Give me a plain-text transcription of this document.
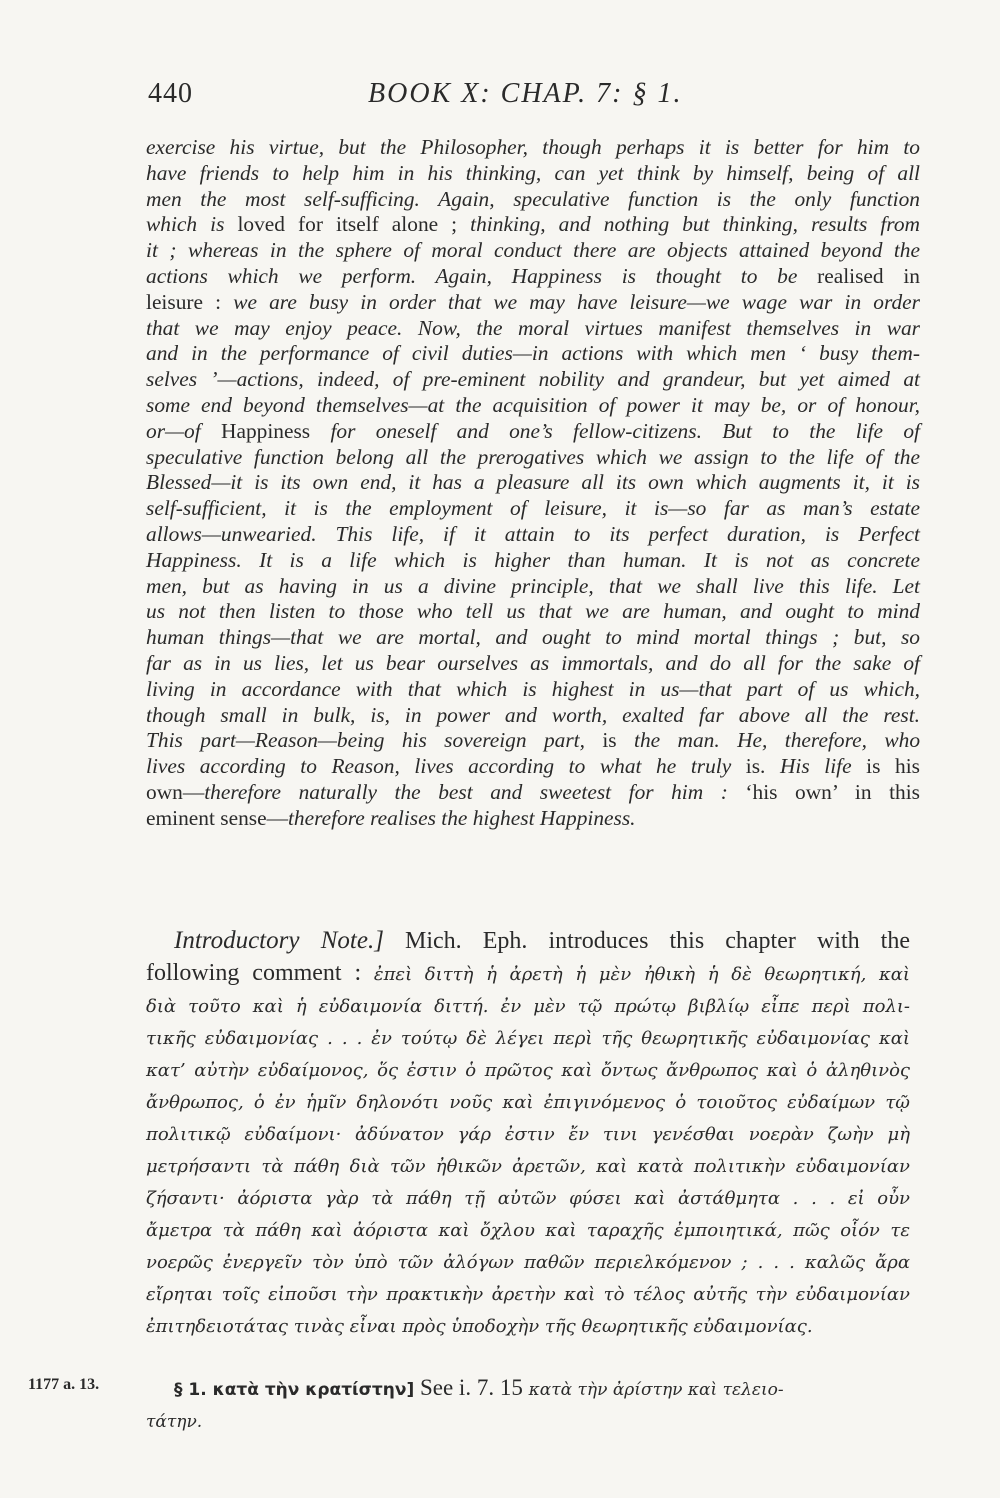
440	BOOK X: CHAP. 7: § 1.
exercise his virtue, but the Philosopher, though perhaps it is better for him to
have friends to help him in his thinking, can yet think by himself, being of all
men the most self-sufficing. Again, speculative function is the only function
which is loved for itself alone ; thinking, and nothing but thinking, results from
it ; whereas in the sphere of moral conduct there are objects attained beyond the
actions which we perform. Again, Happiness is thought to be realised in
leisure : we are busy in order that we may have leisure—we wage war in order
that we may enjoy peace. Now, the moral virtues manifest themselves in war
and in the performance of civil duties—in actions with which men ‘ busy them-
selves ’—actions, indeed, of pre-eminent nobility and grandeur, but yet aimed at
some end beyond themselves—at the acquisition of power it may be, or of honour,
or—of Happiness for oneself and one’s fellow-citizens. But to the life of
speculative function belong all the prerogatives which we assign to the life of the
Blessed—it is its own end, it has a pleasure all its own which augments it, it is
self-sufficient, it is the employment of leisure, it is—so far as man’s estate
allows—unwearied. This life, if it attain to its perfect duration, is Perfect
Happiness. It is a life which is higher than human. It is not as concrete
men, but as having in us a divine principle, that we shall live this life. Let
us not then listen to those who tell us that we are human, and ought to mind
human things—that we are mortal, and ought to mind mortal things ; but, so
far as in us lies, let us bear ourselves as immortals, and do all for the sake of
living in accordance with that which is highest in us—that part of us which,
though small in bulk, is, in power and worth, exalted far above all the rest.
This part—Reason—being his sovereign part, is the man. He, therefore, who
lives according to Reason, lives according to what he truly is. His life is his
own—therefore naturally the best and sweetest for him : ‘his own’ in this
eminent sense—therefore realises the highest Happiness.
Introductory Note.] Mich. Eph. introduces this chapter with the
following comment : ἐπεὶ διττὴ ἡ ἀρετὴ ἡ μὲν ἠθικὴ ἡ δὲ θεωρητική, καὶ
διὰ τοῦτο καὶ ἡ εὐδαιμονία διττή. ἐν μὲν τῷ πρώτῳ βιβλίῳ εἶπε περὶ πολι-
τικῆς εὐδαιμονίας . . . ἐν τούτῳ δὲ λέγει περὶ τῆς θεωρητικῆς εὐδαιμονίας καὶ
κατ’ αὐτὴν εὐδαίμονος, ὅς ἐστιν ὁ πρῶτος καὶ ὄντως ἄνθρωπος καὶ ὁ ἀληθινὸς
ἄνθρωπος, ὁ ἐν ἡμῖν δηλονότι νοῦς καὶ ἐπιγινόμενος ὁ τοιοῦτος εὐδαίμων τῷ
πολιτικῷ εὐδαίμονι· ἀδύνατον γάρ ἐστιν ἔν τινι γενέσθαι νοερὰν ζωὴν μὴ
μετρήσαντι τὰ πάθη διὰ τῶν ἠθικῶν ἀρετῶν, καὶ κατὰ πολιτικὴν εὐδαιμονίαν
ζήσαντι· ἀόριστα γὰρ τὰ πάθη τῇ αὐτῶν φύσει καὶ ἀστάθμητα . . . εἰ οὖν
ἄμετρα τὰ πάθη καὶ ἀόριστα καὶ ὄχλου καὶ ταραχῆς ἐμποιητικά, πῶς οἷόν τε
νοερῶς ἐνεργεῖν τὸν ὑπὸ τῶν ἀλόγων παθῶν περιελκόμενον ; . . . καλῶς ἄρα
εἴρηται τοῖς εἰποῦσι τὴν πρακτικὴν ἀρετὴν καὶ τὸ τέλος αὐτῆς τὴν εὐδαιμονίαν
ἐπιτηδειοτάτας τινὰς εἶναι πρὸς ὑποδοχὴν τῆς θεωρητικῆς εὐδαιμονίας.
1177 a. 13.	§ 1. κατὰ τὴν κρατίστην] See i. 7. 15 κατὰ τὴν ἀρίστην καὶ τελειο-
τάτην.
